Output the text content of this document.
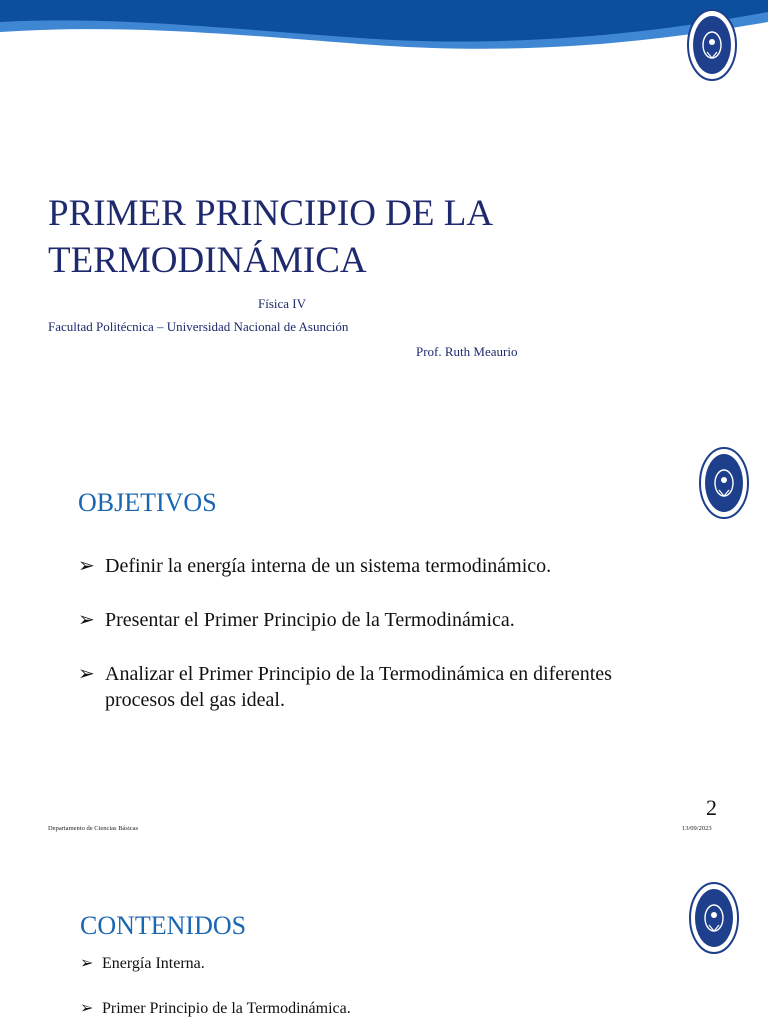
PRIMER PRINCIPIO DE LA
TERMODINÁMICA
Física IV
Facultad Politécnica – Universidad Nacional de Asunción
Prof. Ruth Meaurio
OBJETIVOS
➢ Definir la energía interna de un sistema termodinámico.
➢ Presentar el Primer Principio de la Termodinámica.
➢ Analizar el Primer Principio de la Termodinámica en diferentes procesos del gas ideal.
2
Departamento de Ciencias Básicas	13/09/2023
CONTENIDOS
➢ Energía Interna.
➢ Primer Principio de la Termodinámica.
